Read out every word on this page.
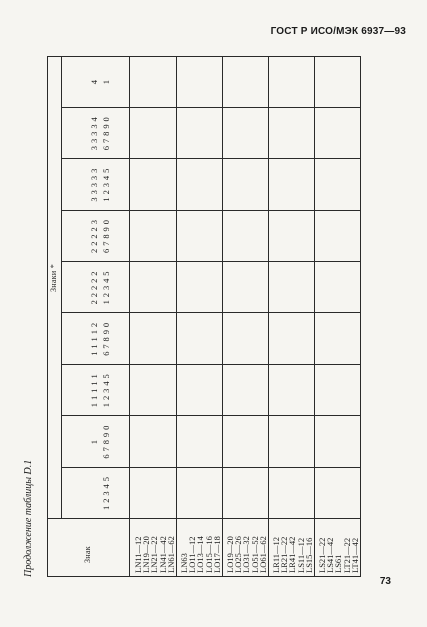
ГОСТ Р ИСО/МЭК 6937—93
73
Продолжение таблицы D.1	Знак
Знаки *
1 2 3 4 5
1 6 7 8 9 0
1 1 1 1 1 1 2 3 4 5
1 1 1 1 2 6 7 8 9 0
2 2 2 2 2 1 2 3 4 5
2 2 2 2 3 6 7 8 9 0
3 3 3 3 3 1 2 3 4 5
3 3 3 3 4 6 7 8 9 0
4 1
LN11—12
LN19—20
LN21—22
LN41—42
LN61—62 LN63
LO11—12
LO13—14
LO15—16
LO17—18 LO19—20
LO25—26
LO31—32
LO51—52
LO61—62 LR11—12
LR21—22
LR41—42
LS11—12
LS15—16 LS21—22
LS41—42
LS61
LT21—22
LT41—42
